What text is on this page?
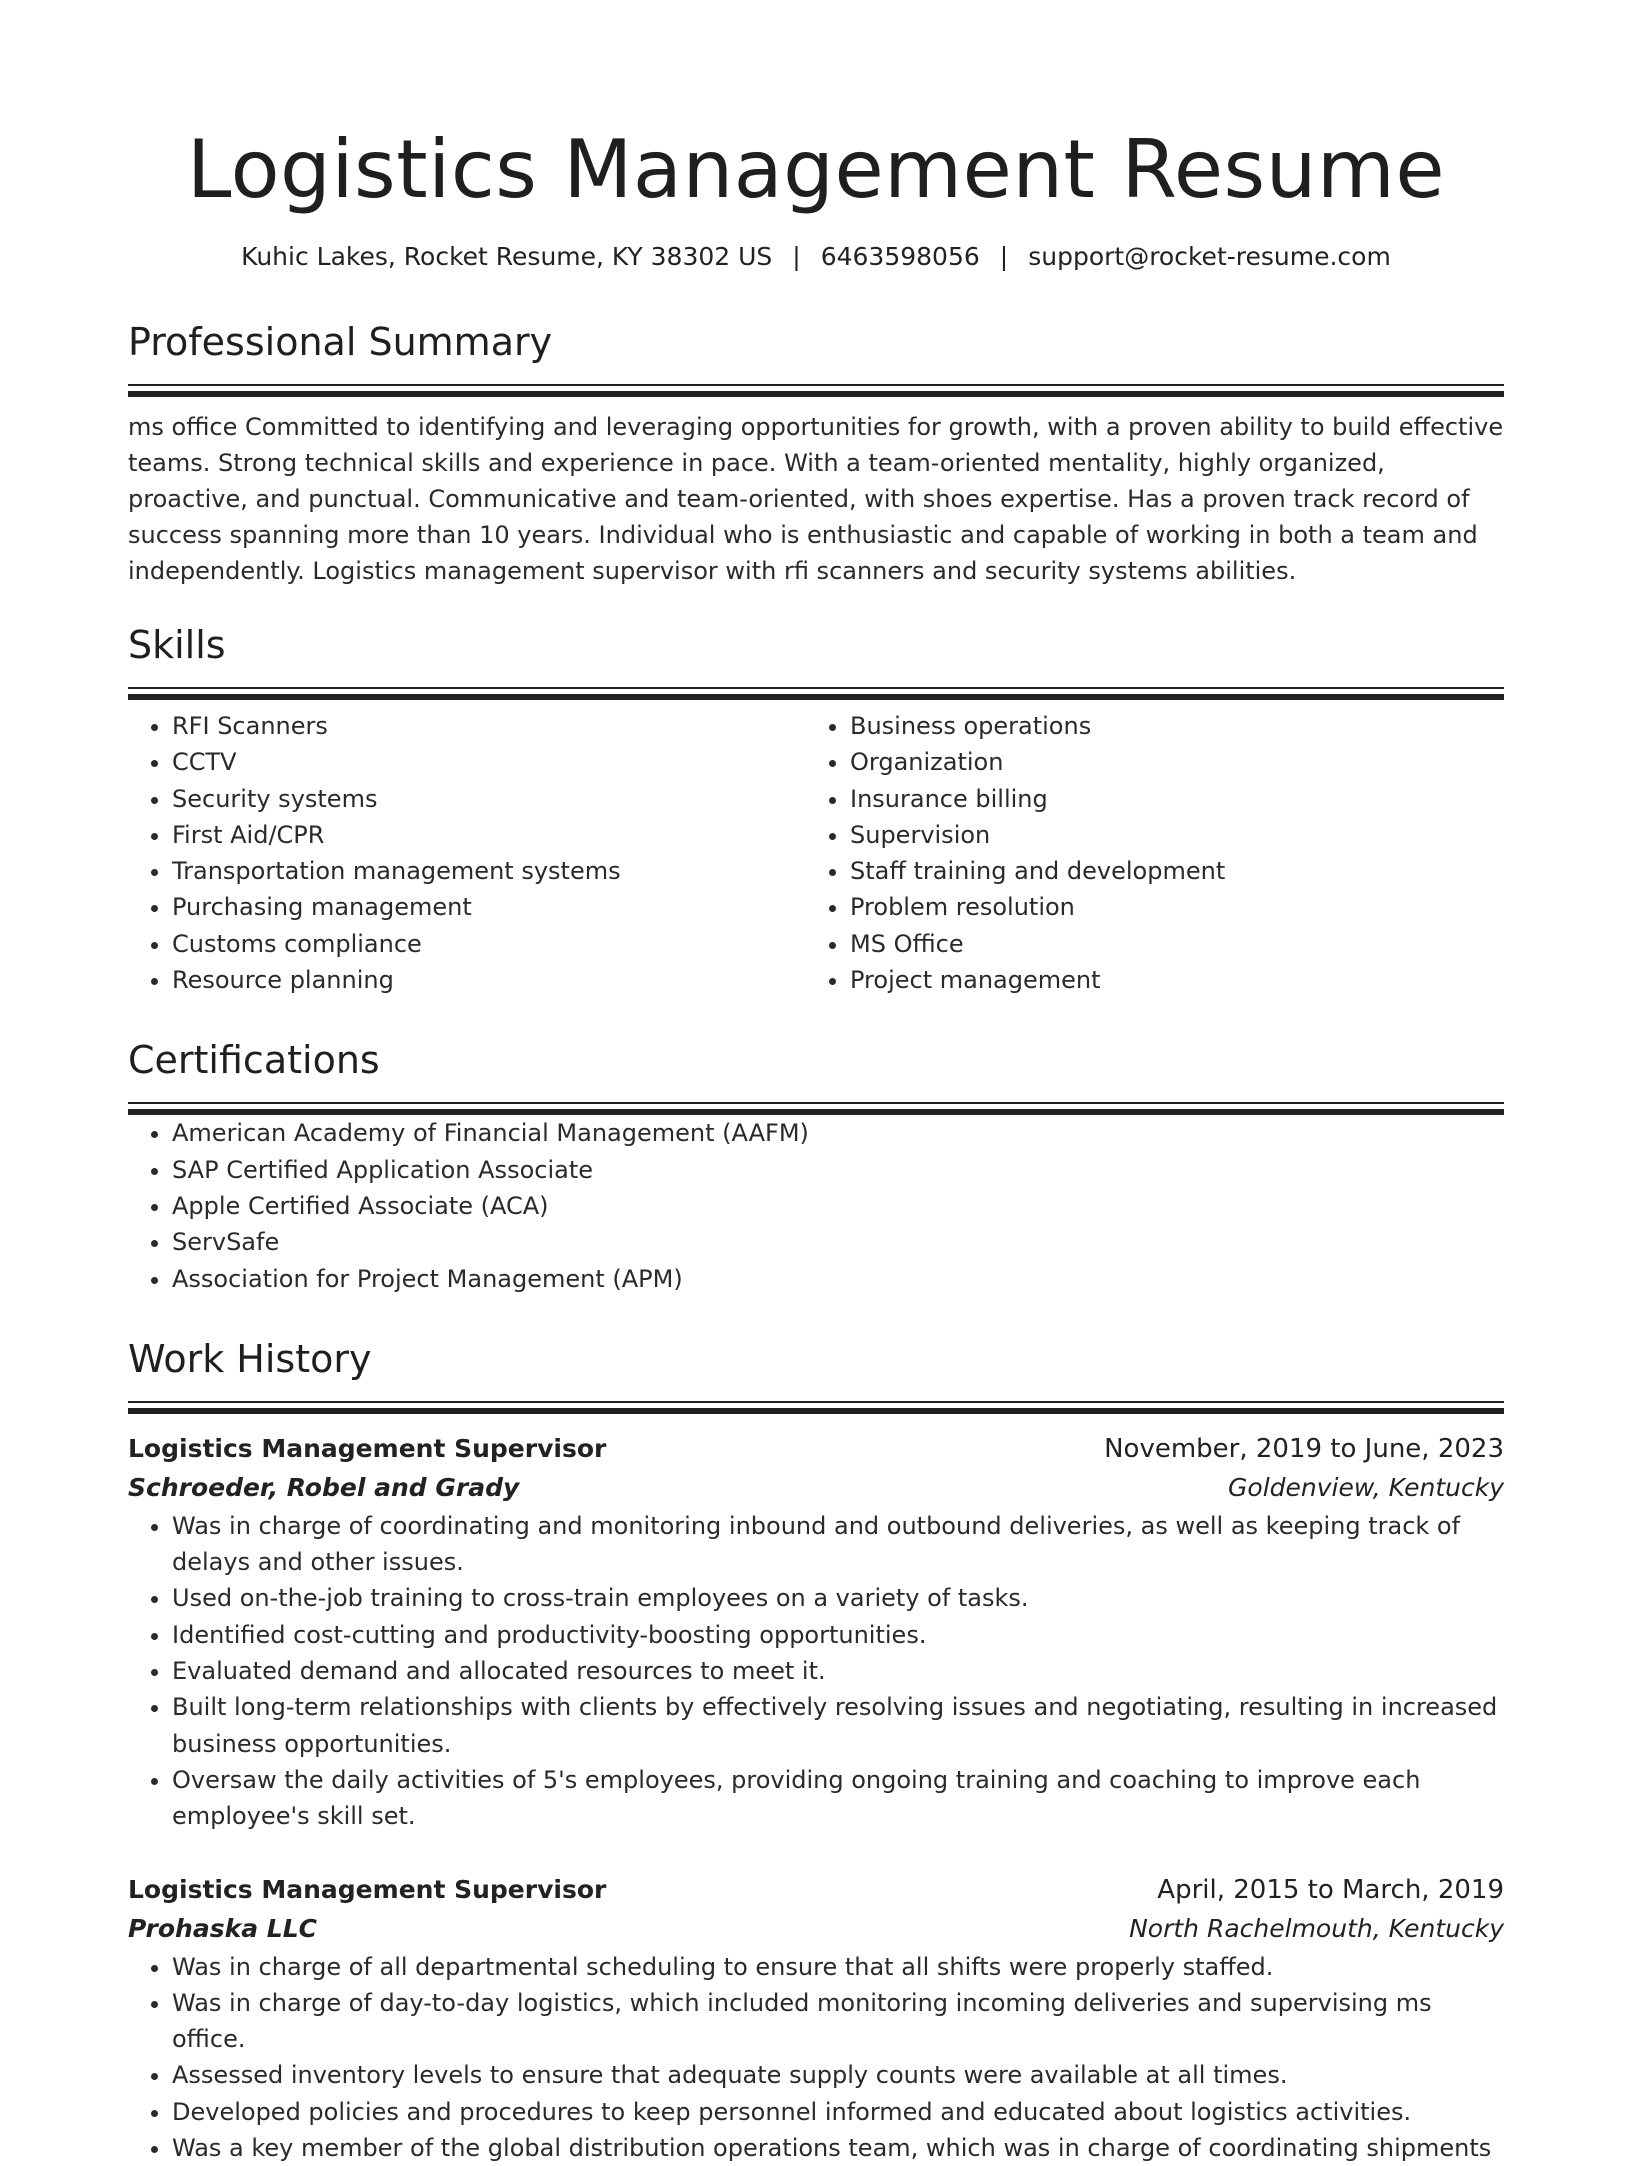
Logistics Management Resume
Kuhic Lakes, Rocket Resume, KY 38302 US | 6463598056 | support@rocket-resume.com
Professional Summary

ms office Committed to identifying and leveraging opportunities for growth, with a proven ability to build effective teams. Strong technical skills and experience in pace. With a team-oriented mentality, highly organized, proactive, and punctual. Communicative and team-oriented, with shoes expertise. Has a proven track record of success spanning more than 10 years. Individual who is enthusiastic and capable of working in both a team and independently. Logistics management supervisor with rfi scanners and security systems abilities.

Skills
• RFI Scanners
• CCTV
• Security systems
• First Aid/CPR
• Transportation management systems
• Purchasing management
• Customs compliance
• Resource planning
• Business operations
• Organization
• Insurance billing
• Supervision
• Staff training and development
• Problem resolution
• MS Office
• Project management
Certifications
• American Academy of Financial Management (AAFM)
• SAP Certified Application Associate
• Apple Certified Associate (ACA)
• ServSafe
• Association for Project Management (APM)
Work History
Logistics Management Supervisor	November, 2019 to June, 2023
Schroeder, Robel and Grady	Goldenview, Kentucky
• Was in charge of coordinating and monitoring inbound and outbound deliveries, as well as keeping track of delays and other issues.
• Used on-the-job training to cross-train employees on a variety of tasks.
• Identified cost-cutting and productivity-boosting opportunities.
• Evaluated demand and allocated resources to meet it.
• Built long-term relationships with clients by effectively resolving issues and negotiating, resulting in increased business opportunities.
• Oversaw the daily activities of 5's employees, providing ongoing training and coaching to improve each employee's skill set.
Logistics Management Supervisor	April, 2015 to March, 2019
Prohaska LLC	North Rachelmouth, Kentucky
• Was in charge of all departmental scheduling to ensure that all shifts were properly staffed.
• Was in charge of day-to-day logistics, which included monitoring incoming deliveries and supervising ms office.
• Assessed inventory levels to ensure that adequate supply counts were available at all times.
• Developed policies and procedures to keep personnel informed and educated about logistics activities.
• Was a key member of the global distribution operations team, which was in charge of coordinating shipments
